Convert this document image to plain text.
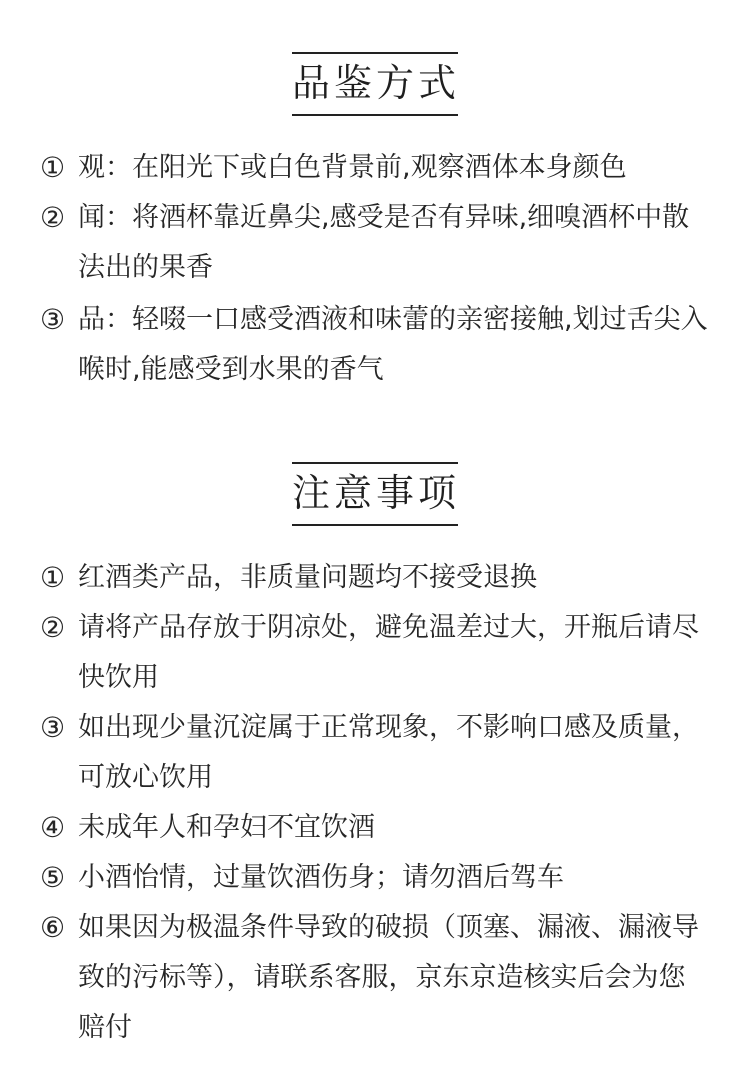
品鉴方式
① 观：在阳光下或白色背景前,观察酒体本身颜色
② 闻：将酒杯靠近鼻尖,感受是否有异味,细嗅酒杯中散法出的果香
③ 品：轻啜一口感受酒液和味蕾的亲密接触,划过舌尖入喉时,能感受到水果的香气
注意事项
① 红酒类产品，非质量问题均不接受退换
② 请将产品存放于阴凉处，避免温差过大，开瓶后请尽快饮用
③ 如出现少量沉淀属于正常现象，不影响口感及质量，可放心饮用
④ 未成年人和孕妇不宜饮酒
⑤ 小酒怡情，过量饮酒伤身；请勿酒后驾车
⑥ 如果因为极温条件导致的破损（顶塞、漏液、漏液导致的污标等），请联系客服，京东京造核实后会为您赔付
